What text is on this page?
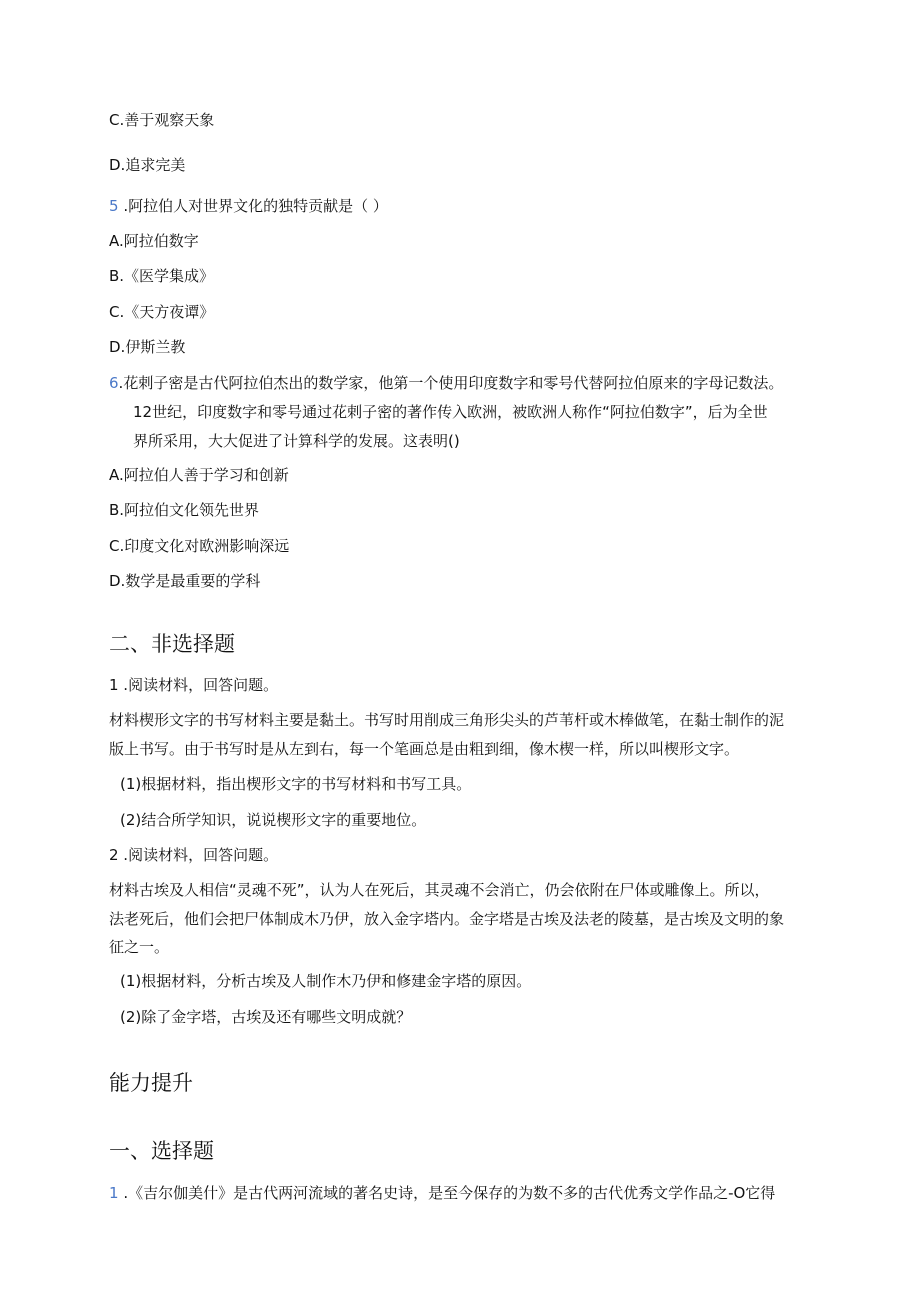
C.善于观察天象
D.追求完美
5 .阿拉伯人对世界文化的独特贡献是（ ）
A.阿拉伯数字
B.《医学集成》
C.《天方夜谭》
D.伊斯兰教
6.花剌子密是古代阿拉伯杰出的数学家，他第一个使用印度数字和零号代替阿拉伯原来的字母记数法。
12世纪，印度数字和零号通过花剌子密的著作传入欧洲，被欧洲人称作“阿拉伯数字”，后为全世
界所采用，大大促进了计算科学的发展。这表明()
A.阿拉伯人善于学习和创新
B.阿拉伯文化领先世界
C.印度文化对欧洲影响深远
D.数学是最重要的学科
二、非选择题
1 .阅读材料，回答问题。
材料楔形文字的书写材料主要是黏土。书写时用削成三角形尖头的芦苇杆或木棒做笔，在黏士制作的泥
版上书写。由于书写时是从左到右，每一个笔画总是由粗到细，像木楔一样，所以叫楔形文字。
(1)根据材料，指出楔形文字的书写材料和书写工具。
(2)结合所学知识，说说楔形文字的重要地位。
2 .阅读材料，回答问题。
材料古埃及人相信“灵魂不死”，认为人在死后，其灵魂不会消亡，仍会依附在尸体或雕像上。所以，
法老死后，他们会把尸体制成木乃伊，放入金字塔内。金字塔是古埃及法老的陵墓，是古埃及文明的象
征之一。
(1)根据材料，分析古埃及人制作木乃伊和修建金字塔的原因。
(2)除了金字塔，古埃及还有哪些文明成就？
能力提升
一、选择题
1 .《吉尔伽美什》是古代两河流域的著名史诗，是至今保存的为数不多的古代优秀文学作品之-O它得
